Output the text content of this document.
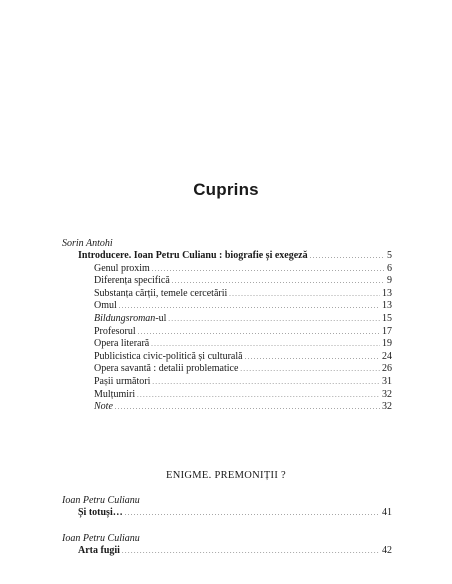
Cuprins
Sorin Antohi
Introducere. Ioan Petru Culianu : biografie și exegeză . . .	5
Genul proxim . . .	6
Diferența specifică . . .	9
Substanța cărții, temele cercetării . . .	13
Omul . . .	13
Bildungsroman-ul . . .	15
Profesorul . . .	17
Opera literară . . .	19
Publicistica civic-politică și culturală . . .	24
Opera savantă : detalii problematice . . .	26
Pașii următori . . .	31
Mulțumiri . . .	32
Note . . .	32
ENIGME. PREMONIȚII ?
Ioan Petru Culianu
Și totuși… . . .	41
Ioan Petru Culianu
Arta fugii . . .	42
